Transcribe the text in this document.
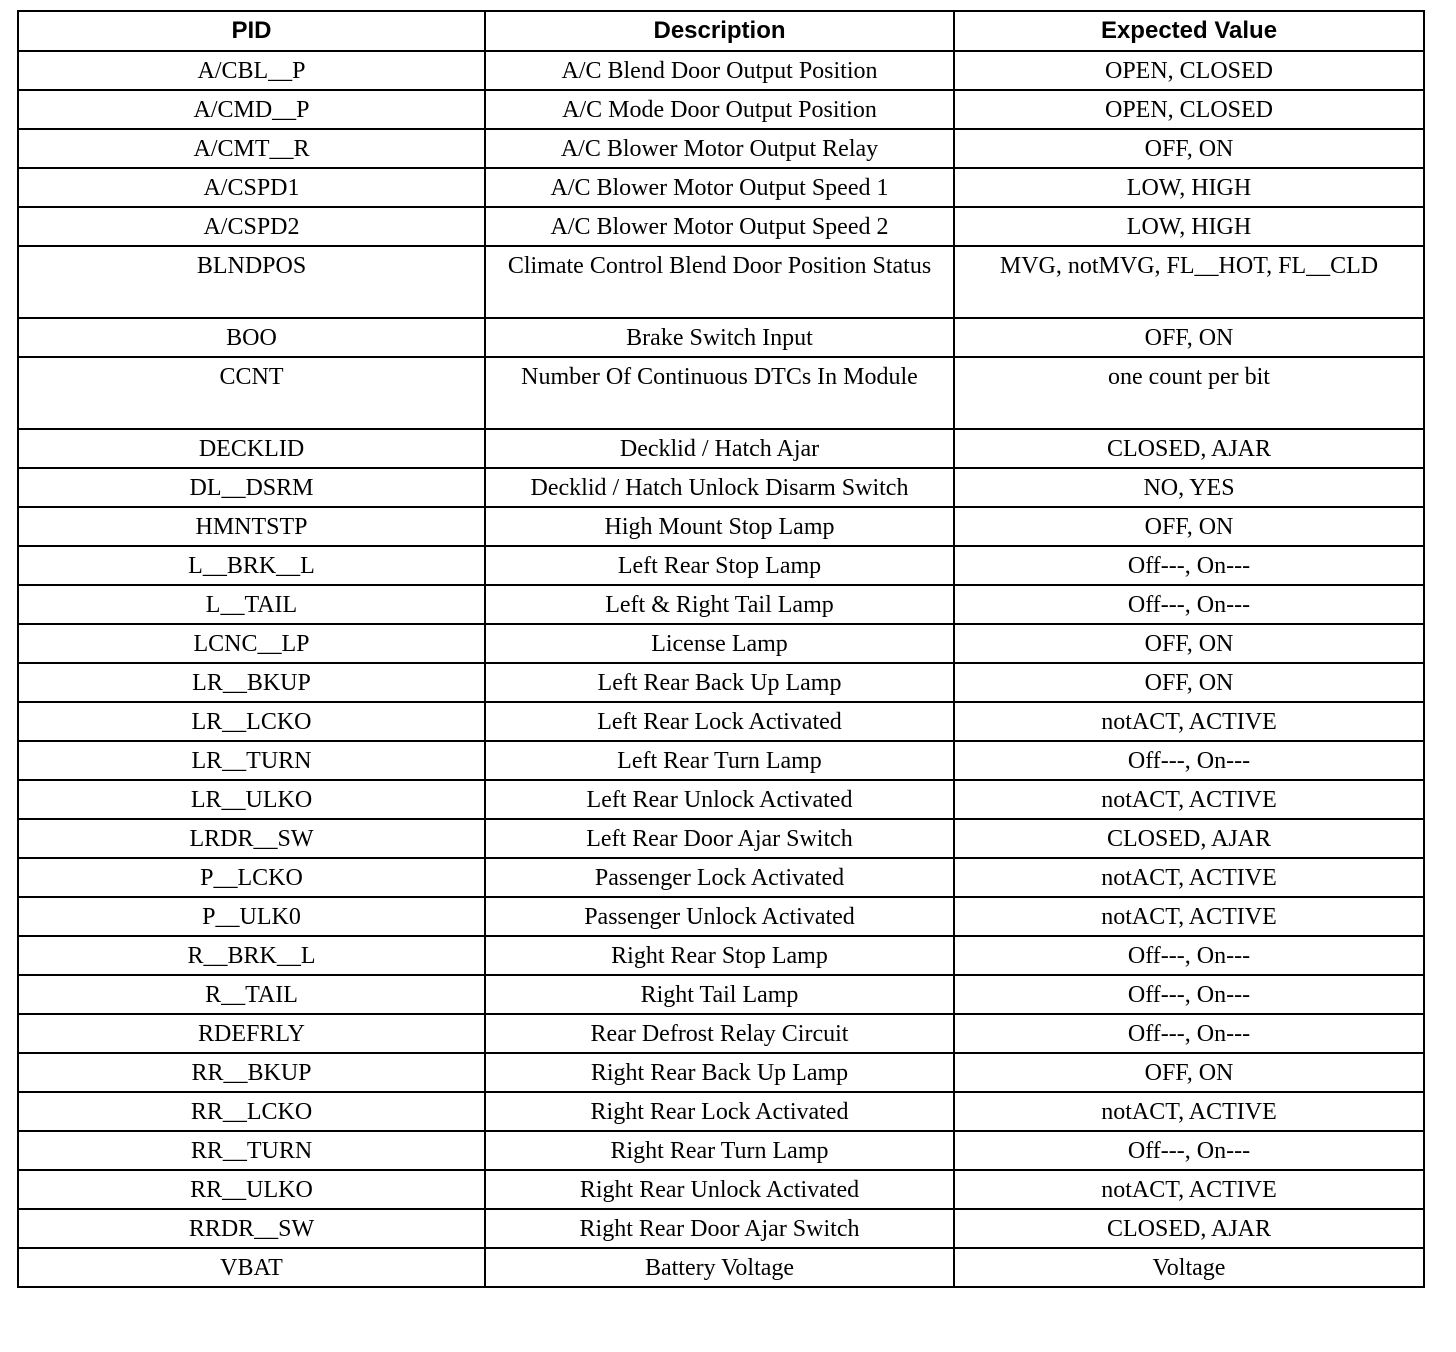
PID	Description	Expected Value
A/CBL__P	A/C Blend Door Output Position	OPEN, CLOSED
A/CMD__P	A/C Mode Door Output Position	OPEN, CLOSED
A/CMT__R	A/C Blower Motor Output Relay	OFF, ON
A/CSPD1	A/C Blower Motor Output Speed 1	LOW, HIGH
A/CSPD2	A/C Blower Motor Output Speed 2	LOW, HIGH
BLNDPOS	Climate Control Blend Door Position Status	MVG, notMVG, FL__HOT, FL__CLD
BOO	Brake Switch Input	OFF, ON
CCNT	Number Of Continuous DTCs In Module	one count per bit
DECKLID	Decklid / Hatch Ajar	CLOSED, AJAR
DL__DSRM	Decklid / Hatch Unlock Disarm Switch	NO, YES
HMNTSTP	High Mount Stop Lamp	OFF, ON
L__BRK__L	Left Rear Stop Lamp	Off---, On---
L__TAIL	Left & Right Tail Lamp	Off---, On---
LCNC__LP	License Lamp	OFF, ON
LR__BKUP	Left Rear Back Up Lamp	OFF, ON
LR__LCKO	Left Rear Lock Activated	notACT, ACTIVE
LR__TURN	Left Rear Turn Lamp	Off---, On---
LR__ULKO	Left Rear Unlock Activated	notACT, ACTIVE
LRDR__SW	Left Rear Door Ajar Switch	CLOSED, AJAR
P__LCKO	Passenger Lock Activated	notACT, ACTIVE
P__ULK0	Passenger Unlock Activated	notACT, ACTIVE
R__BRK__L	Right Rear Stop Lamp	Off---, On---
R__TAIL	Right Tail Lamp	Off---, On---
RDEFRLY	Rear Defrost Relay Circuit	Off---, On---
RR__BKUP	Right Rear Back Up Lamp	OFF, ON
RR__LCKO	Right Rear Lock Activated	notACT, ACTIVE
RR__TURN	Right Rear Turn Lamp	Off---, On---
RR__ULKO	Right Rear Unlock Activated	notACT, ACTIVE
RRDR__SW	Right Rear Door Ajar Switch	CLOSED, AJAR
VBAT	Battery Voltage	Voltage
